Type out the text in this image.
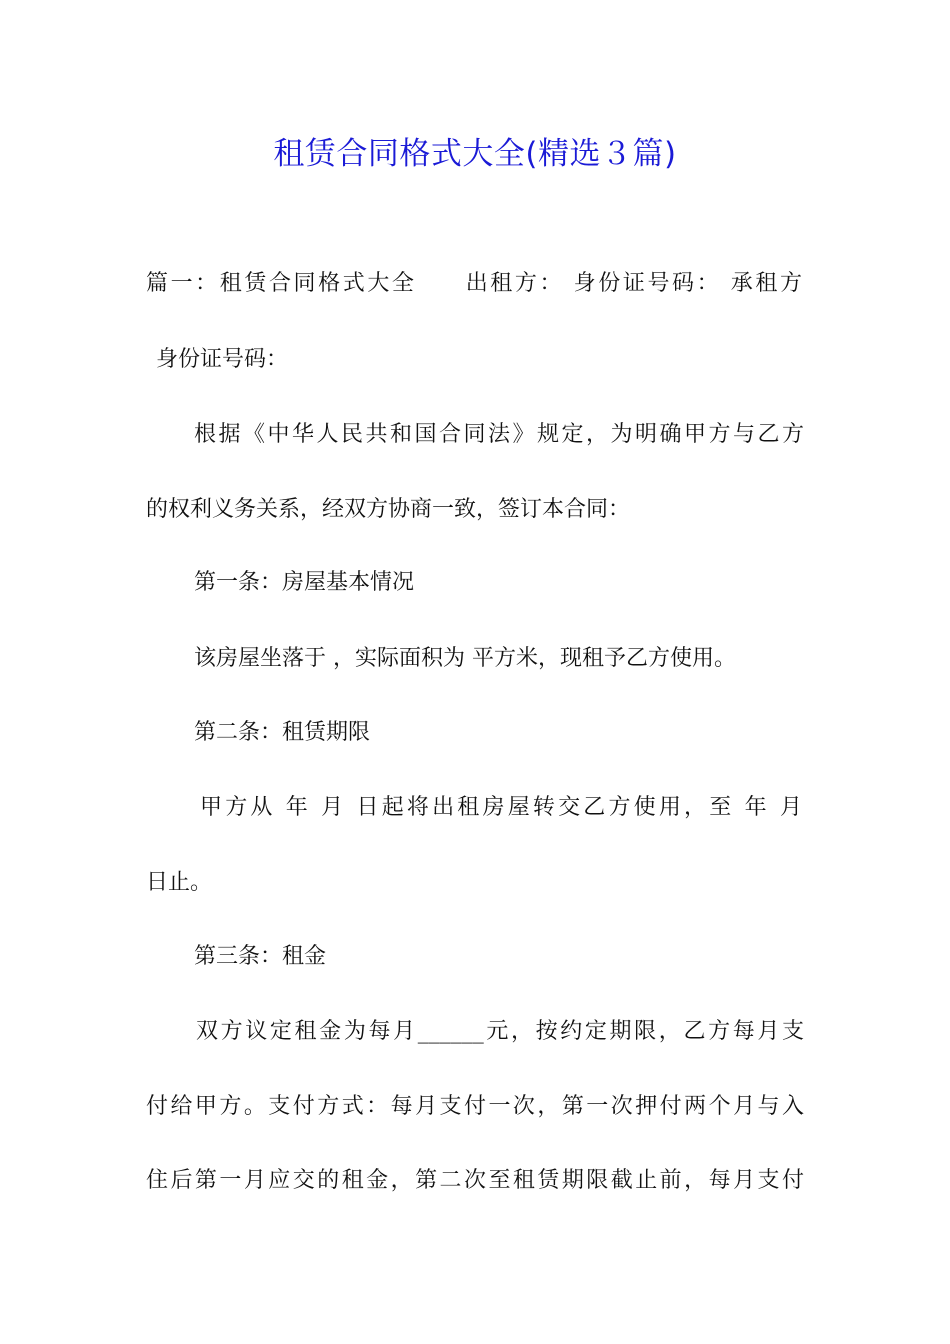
租赁合同格式大全(精选３篇)
篇一：租赁合同格式大全　　出租方： 身份证号码： 承租方
身份证号码：
根据《中华人民共和国合同法》规定，为明确甲方与乙方
的权利义务关系，经双方协商一致，签订本合同：
第一条：房屋基本情况
该房屋坐落于 ，实际面积为 平方米，现租予乙方使用。
第二条：租赁期限
甲方从 年 月 日起将出租房屋转交乙方使用，至 年 月
日止。
第三条：租金
双方议定租金为每月______元，按约定期限，乙方每月支
付给甲方。支付方式：每月支付一次，第一次押付两个月与入
住后第一月应交的租金，第二次至租赁期限截止前，每月支付
